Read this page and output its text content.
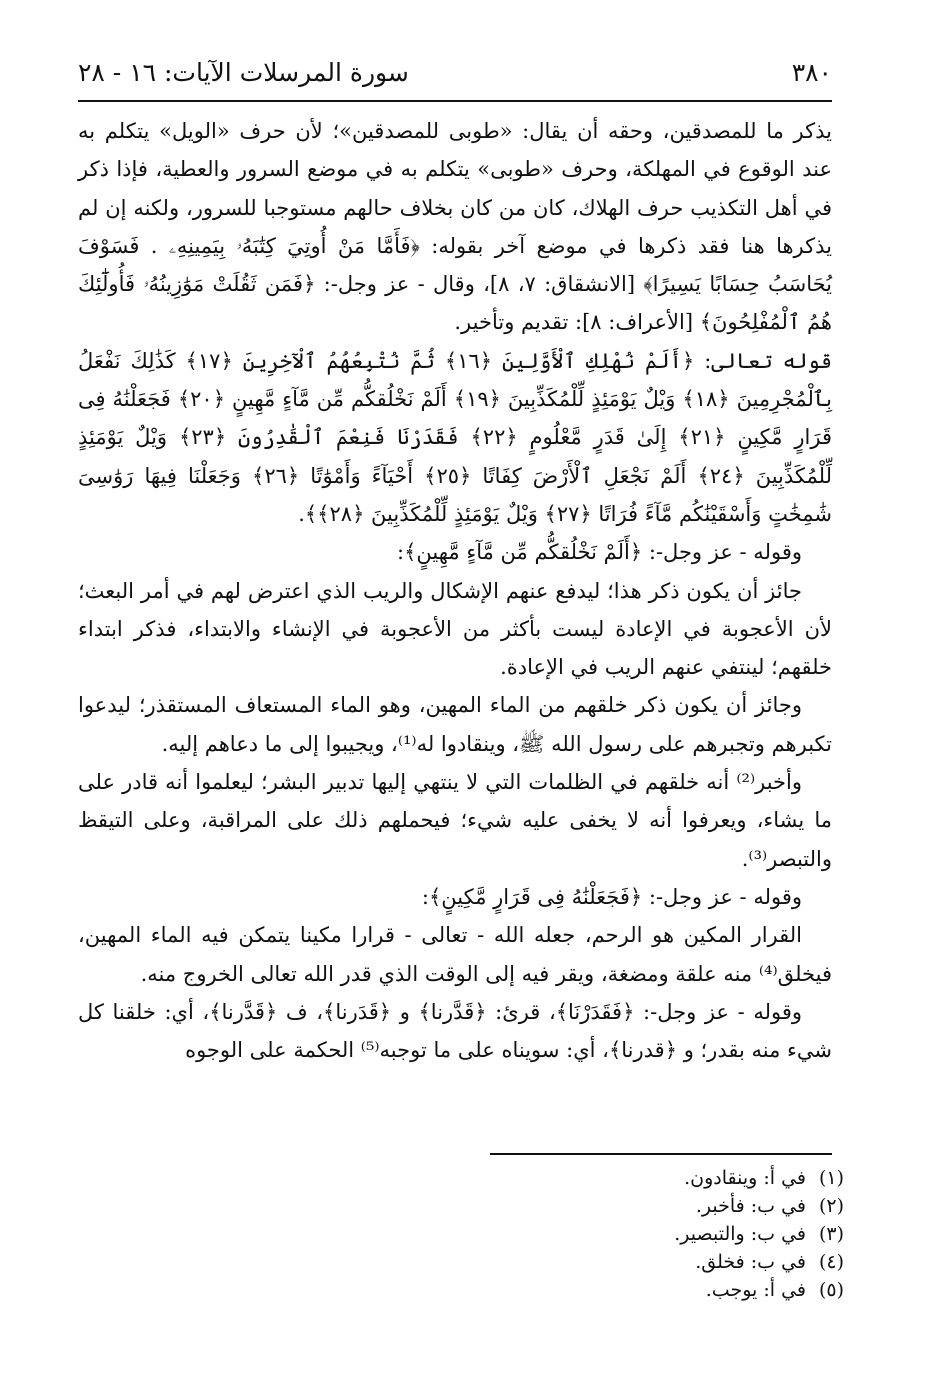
٣٨٠
سورة المرسلات الآيات: ١٦ - ٢٨

يذكر ما للمصدقين، وحقه أن يقال: «طوبى للمصدقين»؛ لأن حرف «الويل» يتكلم به عند الوقوع في المهلكة، وحرف «طوبى» يتكلم به في موضع السرور والعطية، فإذا ذكر في أهل التكذيب حرف الهلاك، كان من كان بخلاف حالهم مستوجبا للسرور، ولكنه إن لم يذكرها هنا فقد ذكرها في موضع آخر بقوله: ﴿فَأَمَّا مَنْ أُوتِيَ كِتَٰبَهُۥ بِيَمِينِهِۦ . فَسَوْفَ يُحَاسَبُ حِسَابًا يَسِيرًا﴾ [الانشقاق: ٧، ٨]، وقال - عز وجل-: ﴿فَمَن ثَقُلَتْ مَوَٰزِينُهُۥ فَأُولَٰٓئِكَ هُمُ ٱلْمُفْلِحُونَ﴾ [الأعراف: ٨]: تقديم وتأخير.

قوله تعالى: ﴿أَلَمْ نُهْلِكِ ٱلْأَوَّلِينَ ﴿١٦﴾ ثُمَّ نُتْبِعُهُمُ ٱلْآخِرِينَ ﴿١٧﴾ كَذَٰلِكَ نَفْعَلُ بِٱلْمُجْرِمِينَ ﴿١٨﴾ وَيْلٌ يَوْمَئِذٍ لِّلْمُكَذِّبِينَ ﴿١٩﴾ أَلَمْ نَخْلُقكُّم مِّن مَّآءٍ مَّهِينٍ ﴿٢٠﴾ فَجَعَلْنَٰهُ فِى قَرَارٍ مَّكِينٍ ﴿٢١﴾ إِلَىٰ قَدَرٍ مَّعْلُومٍ ﴿٢٢﴾ فَقَدَرْنَا فَنِعْمَ ٱلْقَٰدِرُونَ ﴿٢٣﴾ وَيْلٌ يَوْمَئِذٍ لِّلْمُكَذِّبِينَ ﴿٢٤﴾ أَلَمْ نَجْعَلِ ٱلْأَرْضَ كِفَاتًا ﴿٢٥﴾ أَحْيَآءً وَأَمْوَٰتًا ﴿٢٦﴾ وَجَعَلْنَا فِيهَا رَوَٰسِىَ شَٰمِخَٰتٍ وَأَسْقَيْنَٰكُم مَّآءً فُرَاتًا ﴿٢٧﴾ وَيْلٌ يَوْمَئِذٍ لِّلْمُكَذِّبِينَ ﴿٢٨﴾﴾.

وقوله - عز وجل-: ﴿أَلَمْ نَخْلُقكُّم مِّن مَّآءٍ مَّهِينٍ﴾:

جائز أن يكون ذكر هذا؛ ليدفع عنهم الإشكال والريب الذي اعترض لهم في أمر البعث؛ لأن الأعجوبة في الإعادة ليست بأكثر من الأعجوبة في الإنشاء والابتداء، فذكر ابتداء خلقهم؛ لينتفي عنهم الريب في الإعادة.

وجائز أن يكون ذكر خلقهم من الماء المهين، وهو الماء المستعاف المستقذر؛ ليدعوا تكبرهم وتجبرهم على رسول الله ﷺ، وينقادوا له⁽¹⁾، ويجيبوا إلى ما دعاهم إليه.

وأخبر⁽²⁾ أنه خلقهم في الظلمات التي لا ينتهي إليها تدبير البشر؛ ليعلموا أنه قادر على ما يشاء، ويعرفوا أنه لا يخفى عليه شيء؛ فيحملهم ذلك على المراقبة، وعلى التيقظ والتبصر⁽³⁾.

وقوله - عز وجل-: ﴿فَجَعَلْنَٰهُ فِى قَرَارٍ مَّكِينٍ﴾:

القرار المكين هو الرحم، جعله الله - تعالى - قرارا مكينا يتمكن فيه الماء المهين، فيخلق⁽⁴⁾ منه علقة ومضغة، ويقر فيه إلى الوقت الذي قدر الله تعالى الخروج منه.

وقوله - عز وجل-: ﴿فَقَدَرْنَا﴾، قرئ: ﴿قَدَّرنا﴾ و ﴿قَدَرنا﴾، ف ﴿قَدَّرنا﴾، أي: خلقنا كل شيء منه بقدر؛ و ﴿قدرنا﴾، أي: سويناه على ما توجبه⁽⁵⁾ الحكمة على الوجوه

(١)في أ: وينقادون.
(٢)في ب: فأخبر.
(٣)في ب: والتبصير.
(٤)في ب: فخلق.
(٥)في أ: يوجب.
